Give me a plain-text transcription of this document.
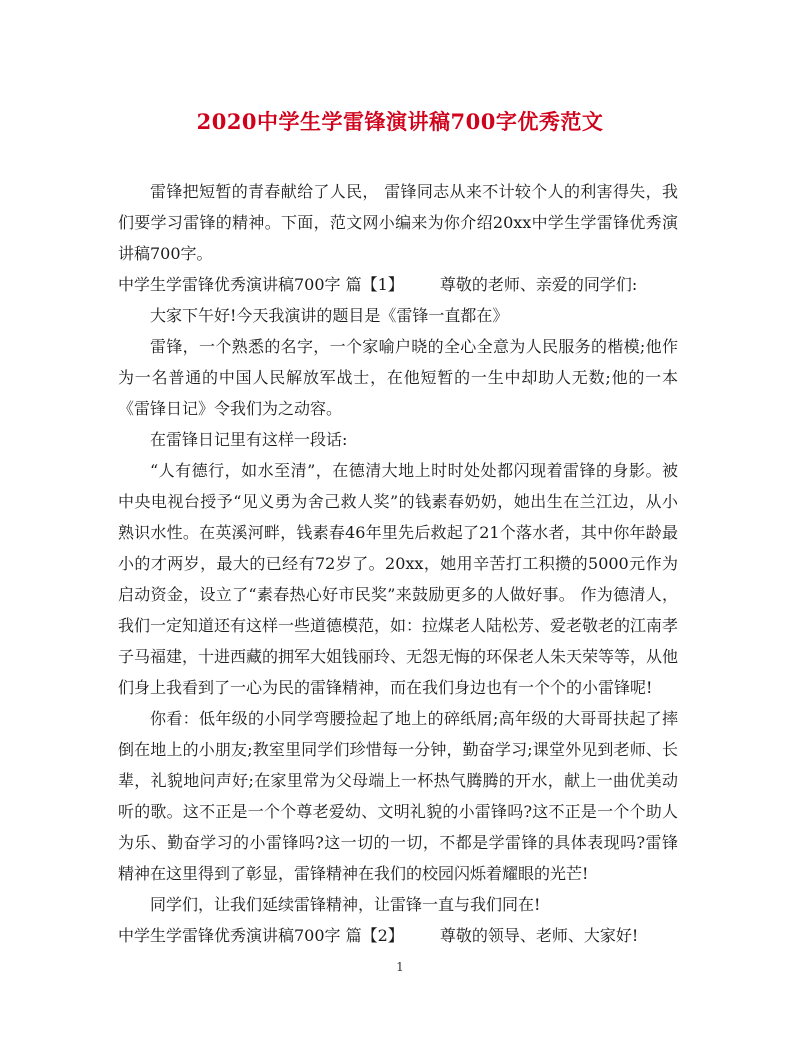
2020中学生学雷锋演讲稿700字优秀范文

雷锋把短暂的青春献给了人民， 雷锋同志从来不计较个人的利害得失，我们要学习雷锋的精神。下面，范文网小编来为你介绍20xx中学生学雷锋优秀演讲稿700字。

中学生学雷锋优秀演讲稿700字 篇【1】 尊敬的老师、亲爱的同学们:

大家下午好!今天我演讲的题目是《雷锋一直都在》

雷锋，一个熟悉的名字，一个家喻户晓的全心全意为人民服务的楷模;他作为一名普通的中国人民解放军战士，在他短暂的一生中却助人无数;他的一本《雷锋日记》令我们为之动容。

在雷锋日记里有这样一段话:

“人有德行，如水至清”，在德清大地上时时处处都闪现着雷锋的身影。被中央电视台授予“见义勇为舍己救人奖”的钱素春奶奶，她出生在兰江边，从小熟识水性。在英溪河畔，钱素春46年里先后救起了21个落水者，其中你年龄最小的才两岁，最大的已经有72岁了。20xx，她用辛苦打工积攒的5000元作为启动资金，设立了“素春热心好市民奖”来鼓励更多的人做好事。 作为德清人，我们一定知道还有这样一些道德模范，如：拉煤老人陆松芳、爱老敬老的江南孝子马福建，十进西藏的拥军大姐钱丽玲、无怨无悔的环保老人朱天荣等等，从他们身上我看到了一心为民的雷锋精神，而在我们身边也有一个个的小雷锋呢!

你看：低年级的小同学弯腰捡起了地上的碎纸屑;高年级的大哥哥扶起了摔倒在地上的小朋友;教室里同学们珍惜每一分钟，勤奋学习;课堂外见到老师、长辈，礼貌地问声好;在家里常为父母端上一杯热气腾腾的开水，献上一曲优美动听的歌。这不正是一个个尊老爱幼、文明礼貌的小雷锋吗?这不正是一个个助人为乐、勤奋学习的小雷锋吗?这一切的一切，不都是学雷锋的具体表现吗?雷锋精神在这里得到了彰显，雷锋精神在我们的校园闪烁着耀眼的光芒!

同学们，让我们延续雷锋精神，让雷锋一直与我们同在!

中学生学雷锋优秀演讲稿700字 篇【2】 尊敬的领导、老师、大家好!

1
